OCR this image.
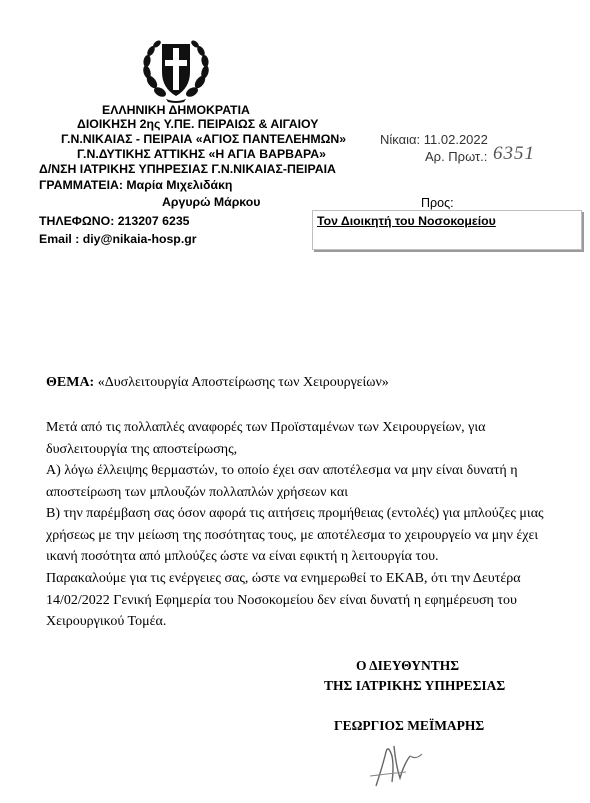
ΕΛΛΗΝΙΚΗ ΔΗΜΟΚΡΑΤΙΑ
ΔΙΟΙΚΗΣΗ 2ης Υ.ΠΕ. ΠΕΙΡΑΙΩΣ & ΑΙΓΑΙΟΥ
Γ.Ν.ΝΙΚΑΙΑΣ - ΠΕΙΡΑΙΑ «ΑΓΙΟΣ ΠΑΝΤΕΛΕΗΜΩΝ»
Γ.Ν.ΔΥΤΙΚΗΣ ΑΤΤΙΚΗΣ «Η ΑΓΙΑ ΒΑΡΒΑΡΑ»
Δ/ΝΣΗ ΙΑΤΡΙΚΗΣ ΥΠΗΡΕΣΙΑΣ Γ.Ν.ΝΙΚΑΙΑΣ-ΠΕΙΡΑΙΑ
ΓΡΑΜΜΑΤΕΙΑ: Μαρία Μιχελιδάκη
Αργυρώ Μάρκου
ΤΗΛΕΦΩΝΟ: 213207 6235
Email : diy@nikaia-hosp.gr
Νίκαια: 11.02.2022
Αρ. Πρωτ.: 6351
Προς:
Τον Διοικητή του Νοσοκομείου
ΘΕΜΑ: «Δυσλειτουργία Αποστείρωσης των Χειρουργείων»
Μετά από τις πολλαπλές αναφορές των Προϊσταμένων των Χειρουργείων, για
δυσλειτουργία της αποστείρωσης,
Α) λόγω έλλειψης θερμαστών, το οποίο έχει σαν αποτέλεσμα να μην είναι δυνατή η
αποστείρωση των μπλουζών πολλαπλών χρήσεων και
Β) την παρέμβαση σας όσον αφορά τις αιτήσεις προμήθειας (εντολές) για μπλούζες μιας
χρήσεως με την μείωση της ποσότητας τους, με αποτέλεσμα το χειρουργείο να μην έχει
ικανή ποσότητα από μπλούζες ώστε να είναι εφικτή η λειτουργία του.
Παρακαλούμε για τις ενέργειες σας, ώστε να ενημερωθεί το ΕΚΑΒ, ότι την Δευτέρα
14/02/2022 Γενική Εφημερία του Νοσοκομείου δεν είναι δυνατή η εφημέρευση του
Χειρουργικού Τομέα.
Ο ΔΙΕΥΘΥΝΤΗΣ
ΤΗΣ ΙΑΤΡΙΚΗΣ ΥΠΗΡΕΣΙΑΣ
ΓΕΩΡΓΙΟΣ ΜΕΪΜΑΡΗΣ
